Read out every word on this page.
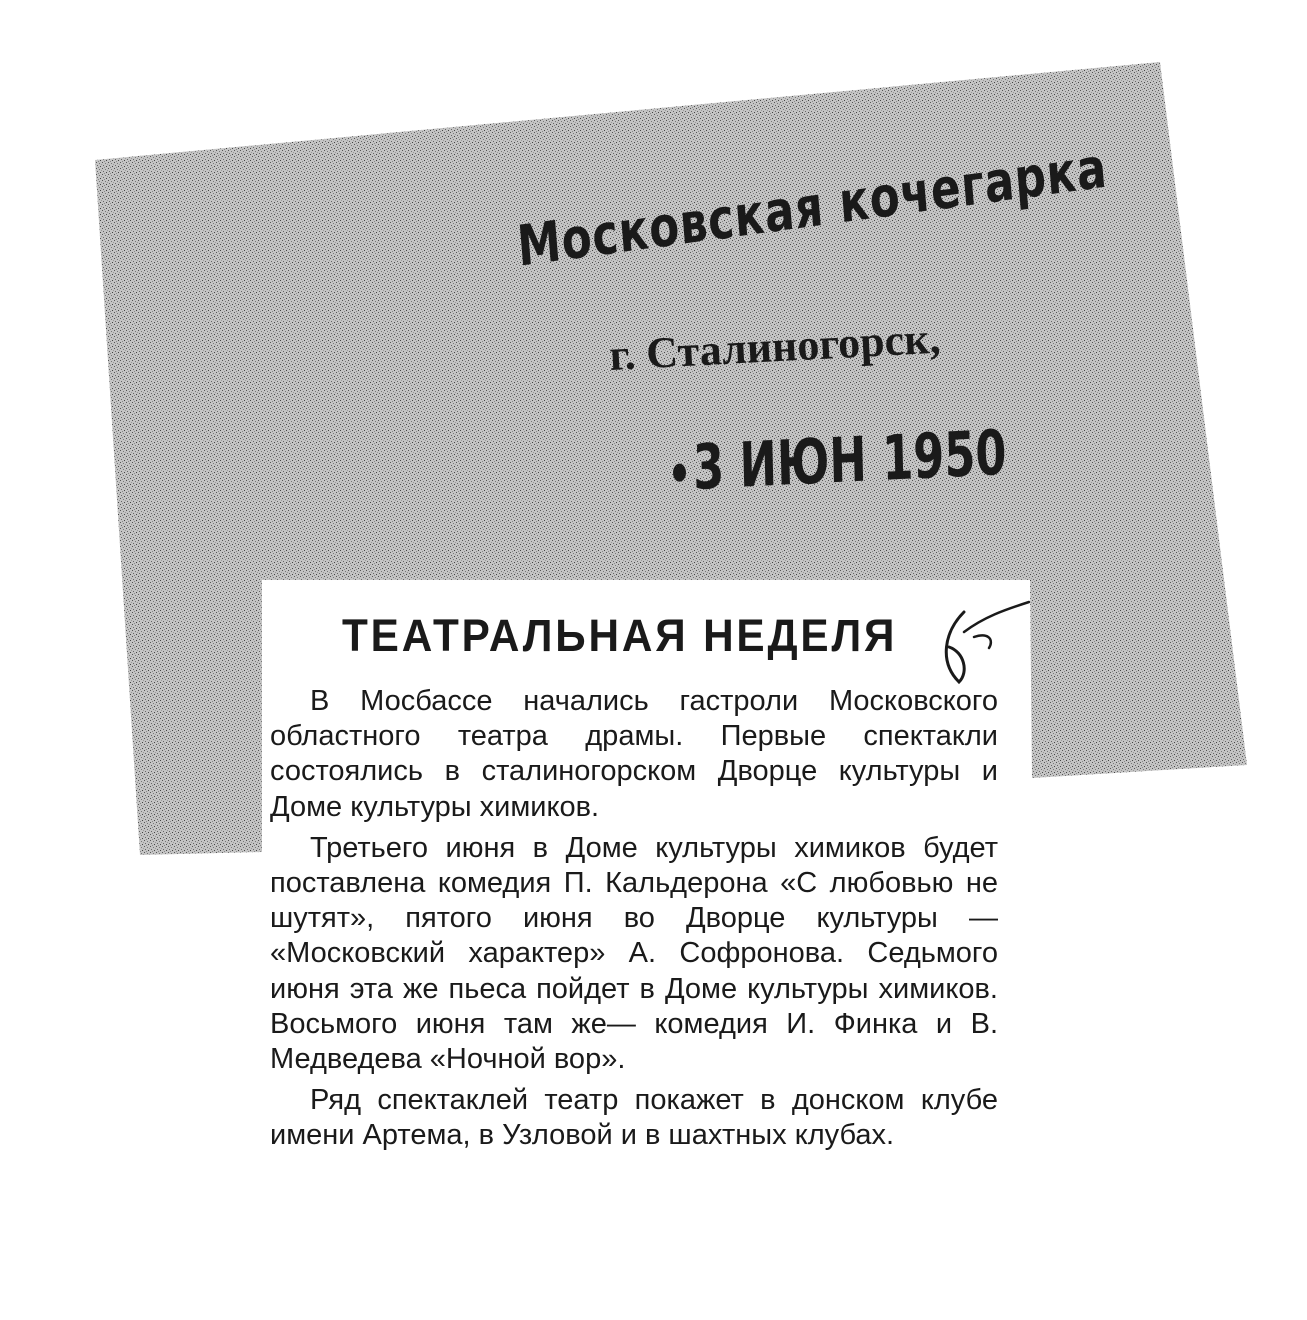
Московская кочегарка
г. Сталиногорск,
3 ИЮН 1950
ТЕАТРАЛЬНАЯ НЕДЕЛЯ

В Мосбассе начались гастроли Московского областного театра драмы. Первые спектакли состоялись в сталиногорском Дворце культуры и Доме культуры химиков.

Третьего июня в Доме культуры химиков будет поставлена комедия П. Кальдерона «С любовью не шутят», пятого июня во Дворце культуры — «Московский характер» А. Софронова. Седьмого июня эта же пьеса пойдет в Доме культуры химиков. Восьмого июня там же— комедия И. Финка и В. Медведева «Ночной вор».

Ряд спектаклей театр покажет в донском клубе имени Артема, в Узловой и в шахтных клубах.
